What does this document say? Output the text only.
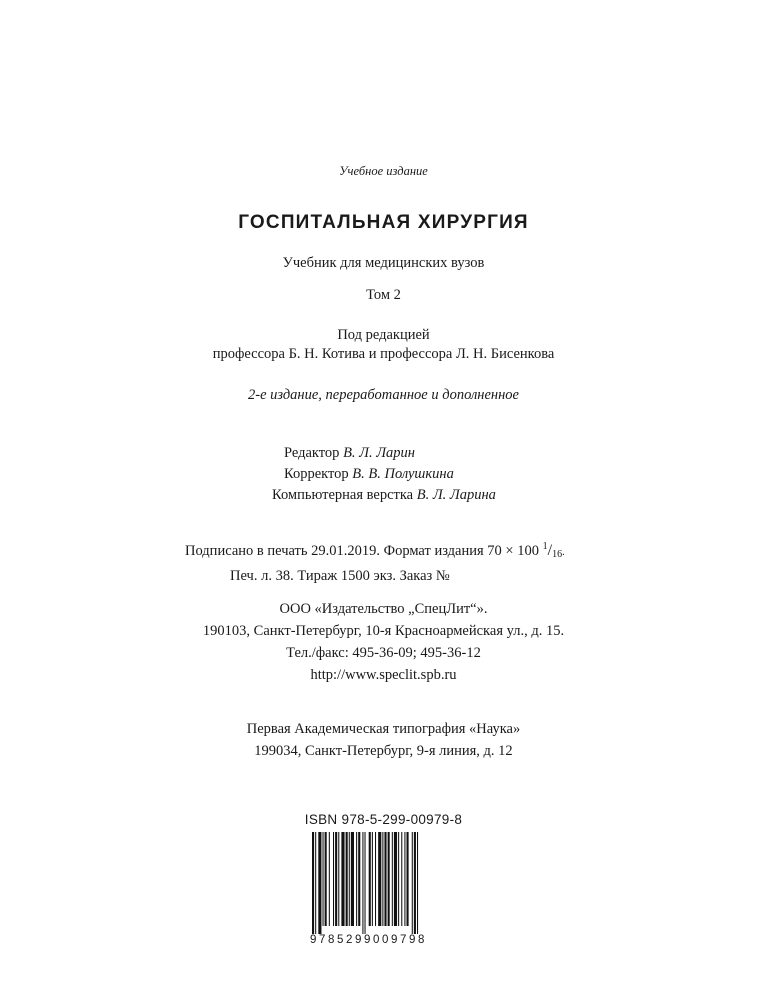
Учебное издание
ГОСПИТАЛЬНАЯ ХИРУРГИЯ
Учебник для медицинских вузов
Том 2
Под редакцией
профессора Б. Н. Котива и профессора Л. Н. Бисенкова
2-е издание, переработанное и дополненное
Редактор В. Л. Ларин
Корректор В. В. Полушкина
Компьютерная верстка В. Л. Ларина
Подписано в печать 29.01.2019. Формат издания 70 × 100 $^1/_{16}$.
Печ. л. 38. Тираж 1500 экз. Заказ №
ООО «Издательство „СпецЛит“».
190103, Санкт-Петербург, 10-я Красноармейская ул., д. 15.
Тел./факс: 495-36-09; 495-36-12
http://www.speclit.spb.ru
Первая Академическая типография «Наука»
199034, Санкт-Петербург, 9-я линия, д. 12
ISBN 978-5-299-00979-8
9785299009798
